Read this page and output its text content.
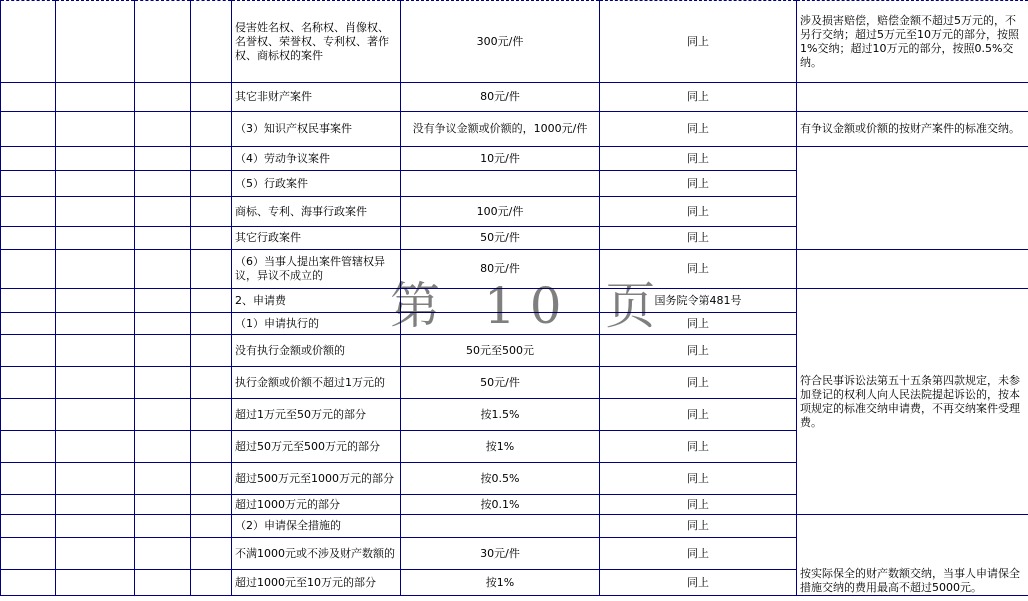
				侵害姓名权、名称权、肖像权、名誉权、荣誉权、专利权、著作权、商标权的案件	300元/件	同上	涉及损害赔偿，赔偿金额不超过5万元的，不另行交纳；超过5万元至10万元的部分，按照1%交纳；超过10万元的部分，按照0.5%交纳。
				其它非财产案件	80元/件	同上	
				（3）知识产权民事案件	没有争议金额或价额的，1000元/件	同上	有争议金额或价额的按财产案件的标准交纳。
				（4）劳动争议案件	10元/件	同上	
				（5）行政案件		同上	
				商标、专利、海事行政案件	100元/件	同上	
				其它行政案件	50元/件	同上	
				（6）当事人提出案件管辖权异议，异议不成立的	80元/件	同上	
				2、申请费		国务院令第481号	符合民事诉讼法第五十五条第四款规定，未参加登记的权利人向人民法院提起诉讼的，按本项规定的标准交纳申请费，不再交纳案件受理费。
				（1）申请执行的		同上	
				没有执行金额或价额的	50元至500元	同上	
				执行金额或价额不超过1万元的	50元/件	同上	
				超过1万元至50万元的部分	按1.5%	同上	
				超过50万元至500万元的部分	按1%	同上	
				超过500万元至1000万元的部分	按0.5%	同上	
				超过1000万元的部分	按0.1%	同上	
				（2）申请保全措施的		同上	按实际保全的财产数额交纳，当事人申请保全措施交纳的费用最高不超过5000元。
				不满1000元或不涉及财产数额的	30元/件	同上	
				超过1000元至10万元的部分	按1%	同上	
第 10 页
